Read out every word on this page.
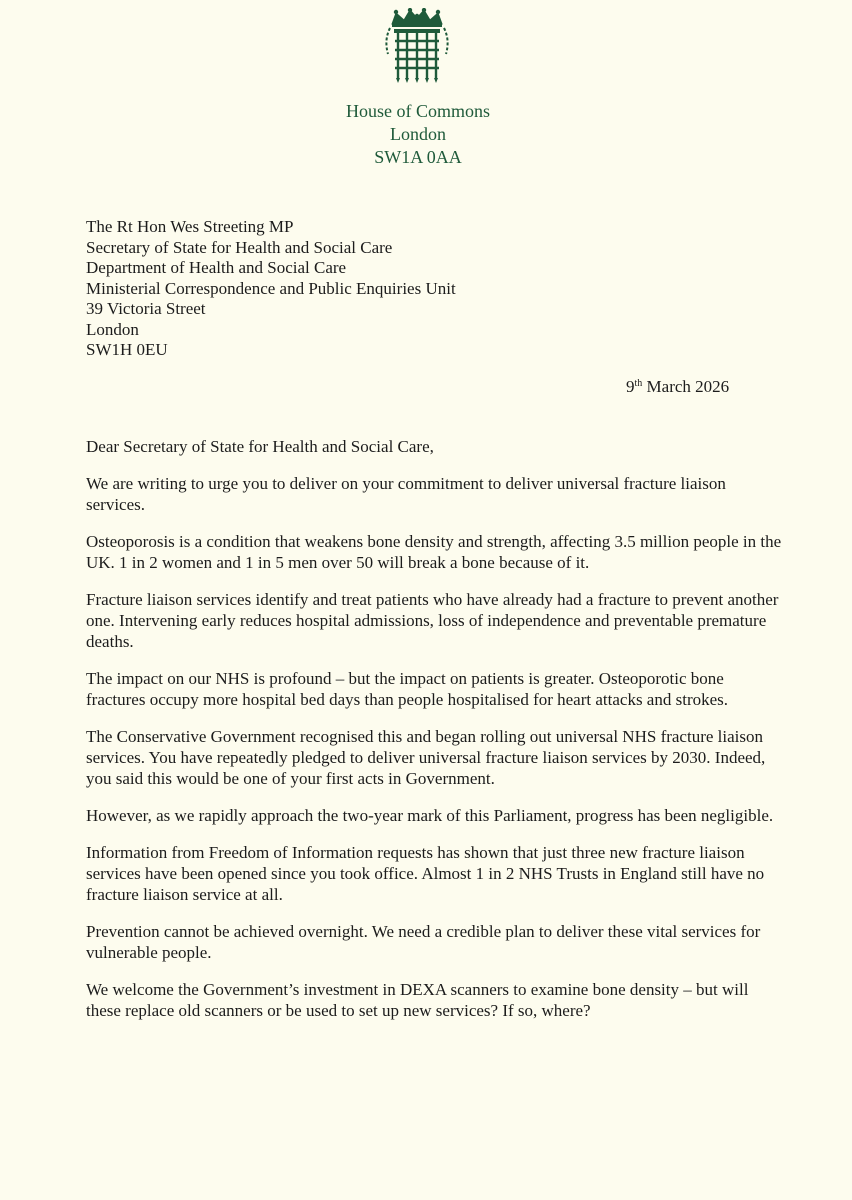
House of Commons
London
SW1A 0AA
The Rt Hon Wes Streeting MP
Secretary of State for Health and Social Care
Department of Health and Social Care
Ministerial Correspondence and Public Enquiries Unit
39 Victoria Street
London
SW1H 0EU
9th March 2026

Dear Secretary of State for Health and Social Care,

We are writing to urge you to deliver on your commitment to deliver universal fracture liaison services.

Osteoporosis is a condition that weakens bone density and strength, affecting 3.5 million people in the UK. 1 in 2 women and 1 in 5 men over 50 will break a bone because of it.

Fracture liaison services identify and treat patients who have already had a fracture to prevent another one. Intervening early reduces hospital admissions, loss of independence and preventable premature deaths.

The impact on our NHS is profound – but the impact on patients is greater. Osteoporotic bone fractures occupy more hospital bed days than people hospitalised for heart attacks and strokes.

The Conservative Government recognised this and began rolling out universal NHS fracture liaison services. You have repeatedly pledged to deliver universal fracture liaison services by 2030. Indeed, you said this would be one of your first acts in Government.

However, as we rapidly approach the two-year mark of this Parliament, progress has been negligible.

Information from Freedom of Information requests has shown that just three new fracture liaison services have been opened since you took office. Almost 1 in 2 NHS Trusts in England still have no fracture liaison service at all.

Prevention cannot be achieved overnight. We need a credible plan to deliver these vital services for vulnerable people.

We welcome the Government’s investment in DEXA scanners to examine bone density – but will these replace old scanners or be used to set up new services? If so, where?
